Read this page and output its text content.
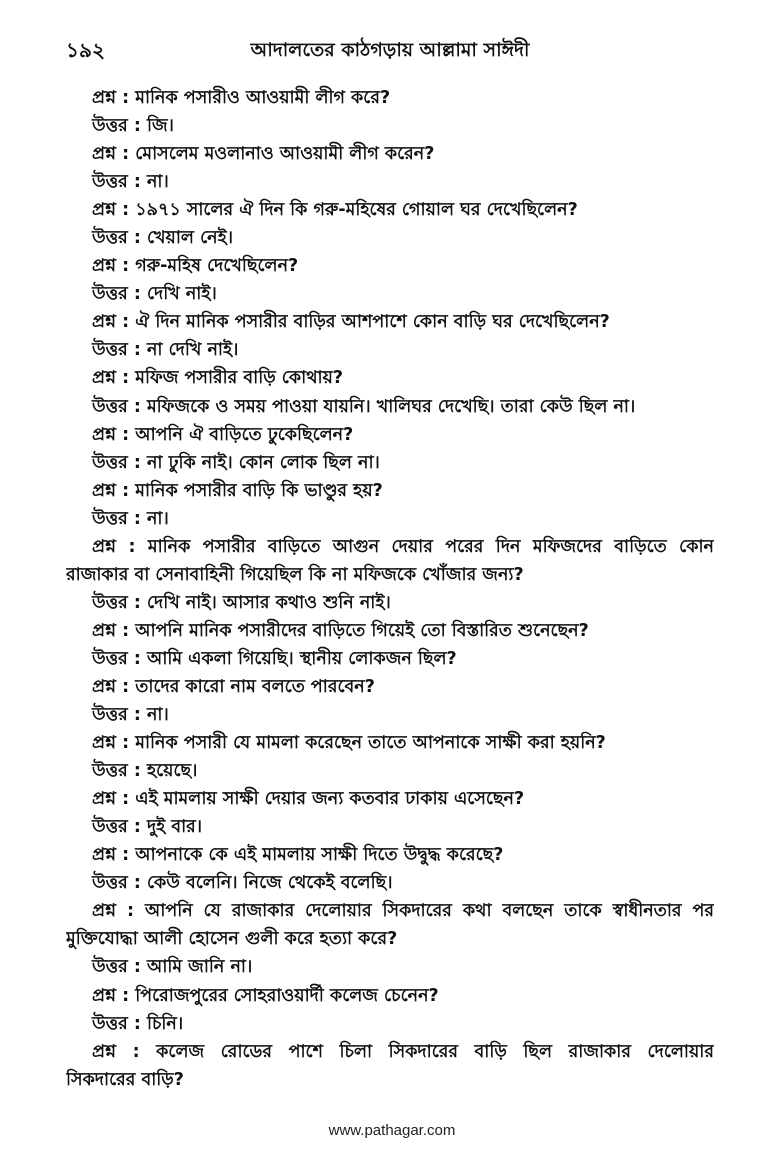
১৯২	আদালতের কাঠগড়ায় আল্লামা সাঈদী
প্রশ্ন : মানিক পসারীও আওয়ামী লীগ করে?
উত্তর : জি।
প্রশ্ন : মোসলেম মওলানাও আওয়ামী লীগ করেন?
উত্তর : না।
প্রশ্ন : ১৯৭১ সালের ঐ দিন কি গরু-মহিষের গোয়াল ঘর দেখেছিলেন?
উত্তর : খেয়াল নেই।
প্রশ্ন : গরু-মহিষ দেখেছিলেন?
উত্তর : দেখি নাই।
প্রশ্ন : ঐ দিন মানিক পসারীর বাড়ির আশপাশে কোন বাড়ি ঘর দেখেছিলেন?
উত্তর : না দেখি নাই।
প্রশ্ন : মফিজ পসারীর বাড়ি কোথায়?
উত্তর : মফিজকে ও সময় পাওয়া যায়নি। খালিঘর দেখেছি। তারা কেউ ছিল না।
প্রশ্ন : আপনি ঐ বাড়িতে ঢুকেছিলেন?
উত্তর : না ঢুকি নাই। কোন লোক ছিল না।
প্রশ্ন : মানিক পসারীর বাড়ি কি ভাণ্ডুর হয়?
উত্তর : না।
প্রশ্ন : মানিক পসারীর বাড়িতে আগুন দেয়ার পরের দিন মফিজদের বাড়িতে কোন
রাজাকার বা সেনাবাহিনী গিয়েছিল কি না মফিজকে খোঁজার জন্য?
উত্তর : দেখি নাই। আসার কথাও শুনি নাই।
প্রশ্ন : আপনি মানিক পসারীদের বাড়িতে গিয়েই তো বিস্তারিত শুনেছেন?
উত্তর : আমি একলা গিয়েছি। স্থানীয় লোকজন ছিল?
প্রশ্ন : তাদের কারো নাম বলতে পারবেন?
উত্তর : না।
প্রশ্ন : মানিক পসারী যে মামলা করেছেন তাতে আপনাকে সাক্ষী করা হয়নি?
উত্তর : হয়েছে।
প্রশ্ন : এই মামলায় সাক্ষী দেয়ার জন্য কতবার ঢাকায় এসেছেন?
উত্তর : দুই বার।
প্রশ্ন : আপনাকে কে এই মামলায় সাক্ষী দিতে উদ্বুদ্ধ করেছে?
উত্তর : কেউ বলেনি। নিজে থেকেই বলেছি।
প্রশ্ন : আপনি যে রাজাকার দেলোয়ার সিকদারের কথা বলছেন তাকে স্বাধীনতার পর
মুক্তিযোদ্ধা আলী হোসেন গুলী করে হত্যা করে?
উত্তর : আমি জানি না।
প্রশ্ন : পিরোজপুরের সোহরাওয়ার্দী কলেজ চেনেন?
উত্তর : চিনি।
প্রশ্ন : কলেজ রোডের পাশে চিলা সিকদারের বাড়ি ছিল রাজাকার দেলোয়ার
সিকদারের বাড়ি?
www.pathagar.com
